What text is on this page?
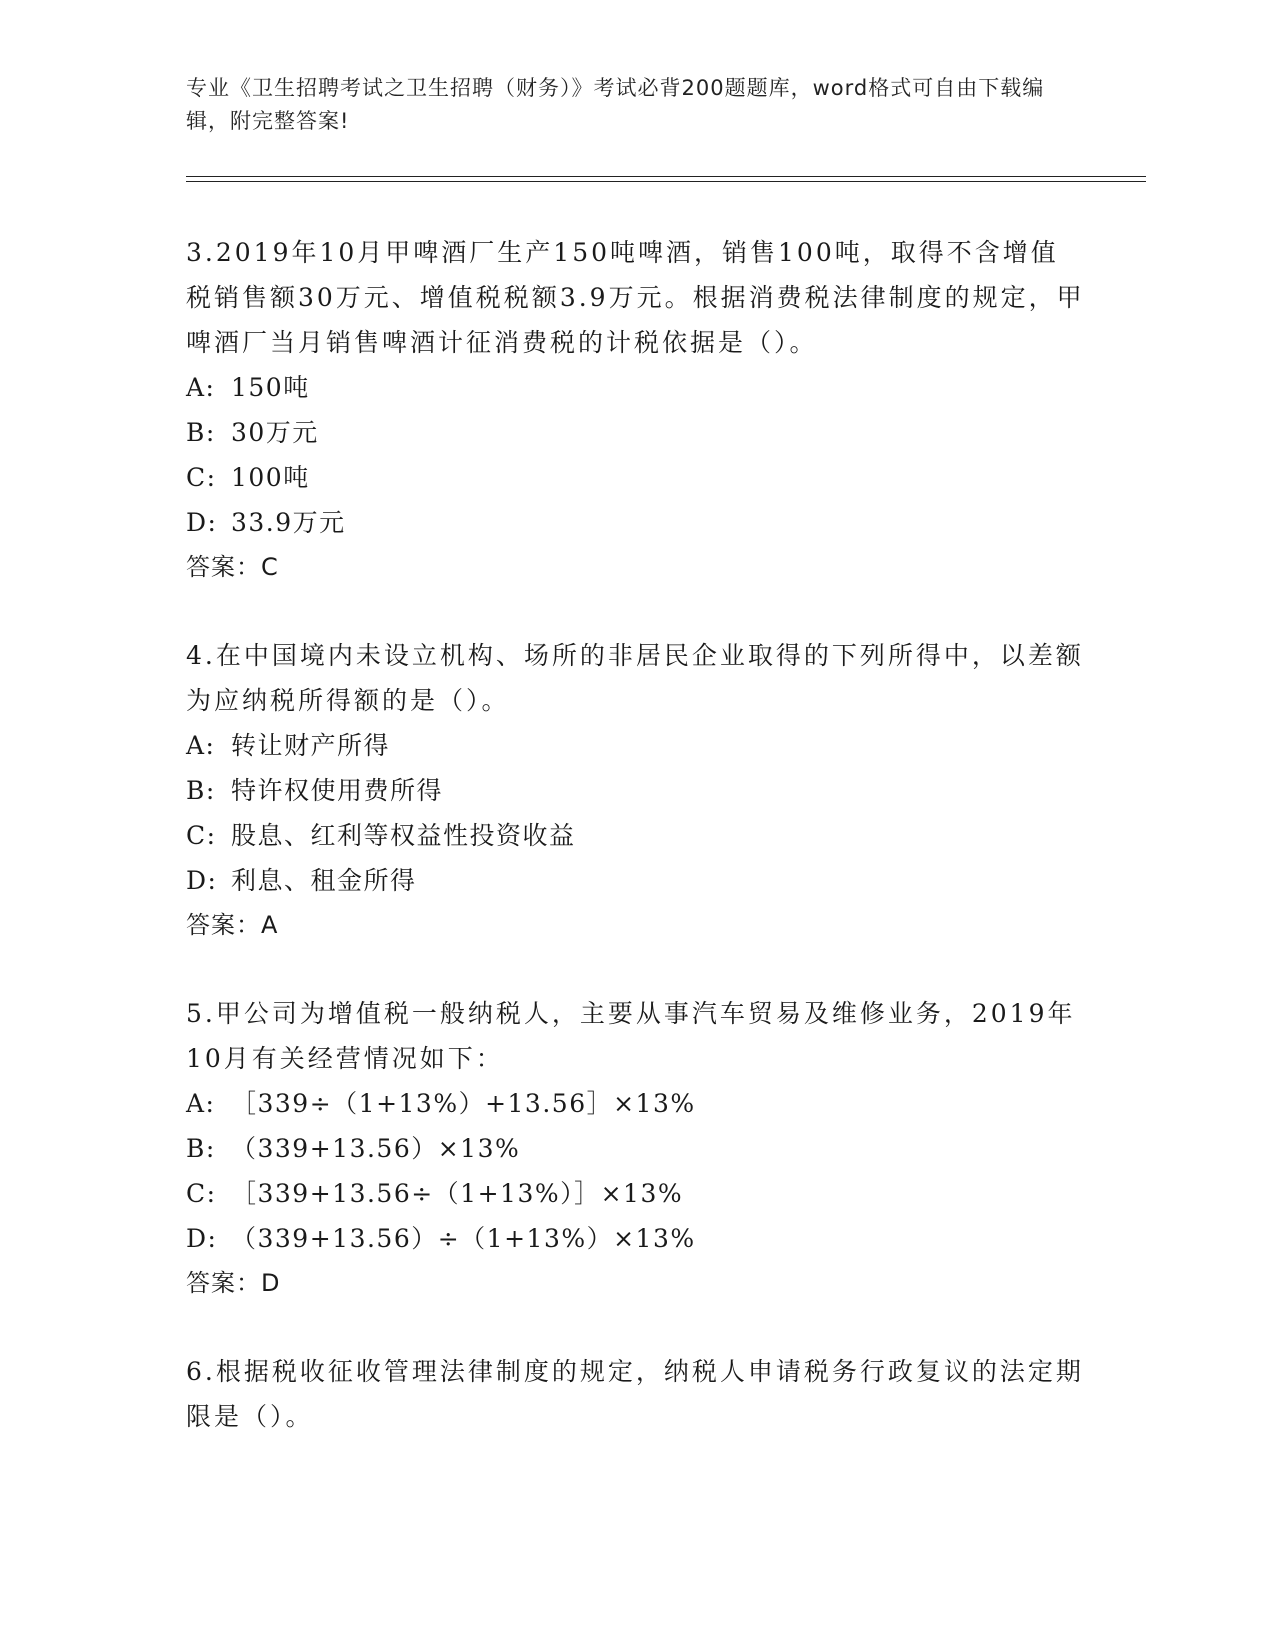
专业《卫生招聘考试之卫生招聘（财务）》考试必背200题题库，word格式可自由下载编辑，附完整答案!

3.2019年10月甲啤酒厂生产150吨啤酒，销售100吨，取得不含增值税销售额30万元、增值税税额3.9万元。根据消费税法律制度的规定，甲啤酒厂当月销售啤酒计征消费税的计税依据是（）。

A: 150吨

B: 30万元

C: 100吨

D: 33.9万元

答案：C

4.在中国境内未设立机构、场所的非居民企业取得的下列所得中，以差额为应纳税所得额的是（）。

A: 转让财产所得

B: 特许权使用费所得

C: 股息、红利等权益性投资收益

D: 利息、租金所得

答案：A

5.甲公司为增值税一般纳税人，主要从事汽车贸易及维修业务，2019年10月有关经营情况如下：

A: ［339÷（1+13%）+13.56］×13%

B: （339+13.56）×13%

C: ［339+13.56÷（1+13%）］×13%

D: （339+13.56）÷（1+13%）×13%

答案：D

6.根据税收征收管理法律制度的规定，纳税人申请税务行政复议的法定期限是（）。
